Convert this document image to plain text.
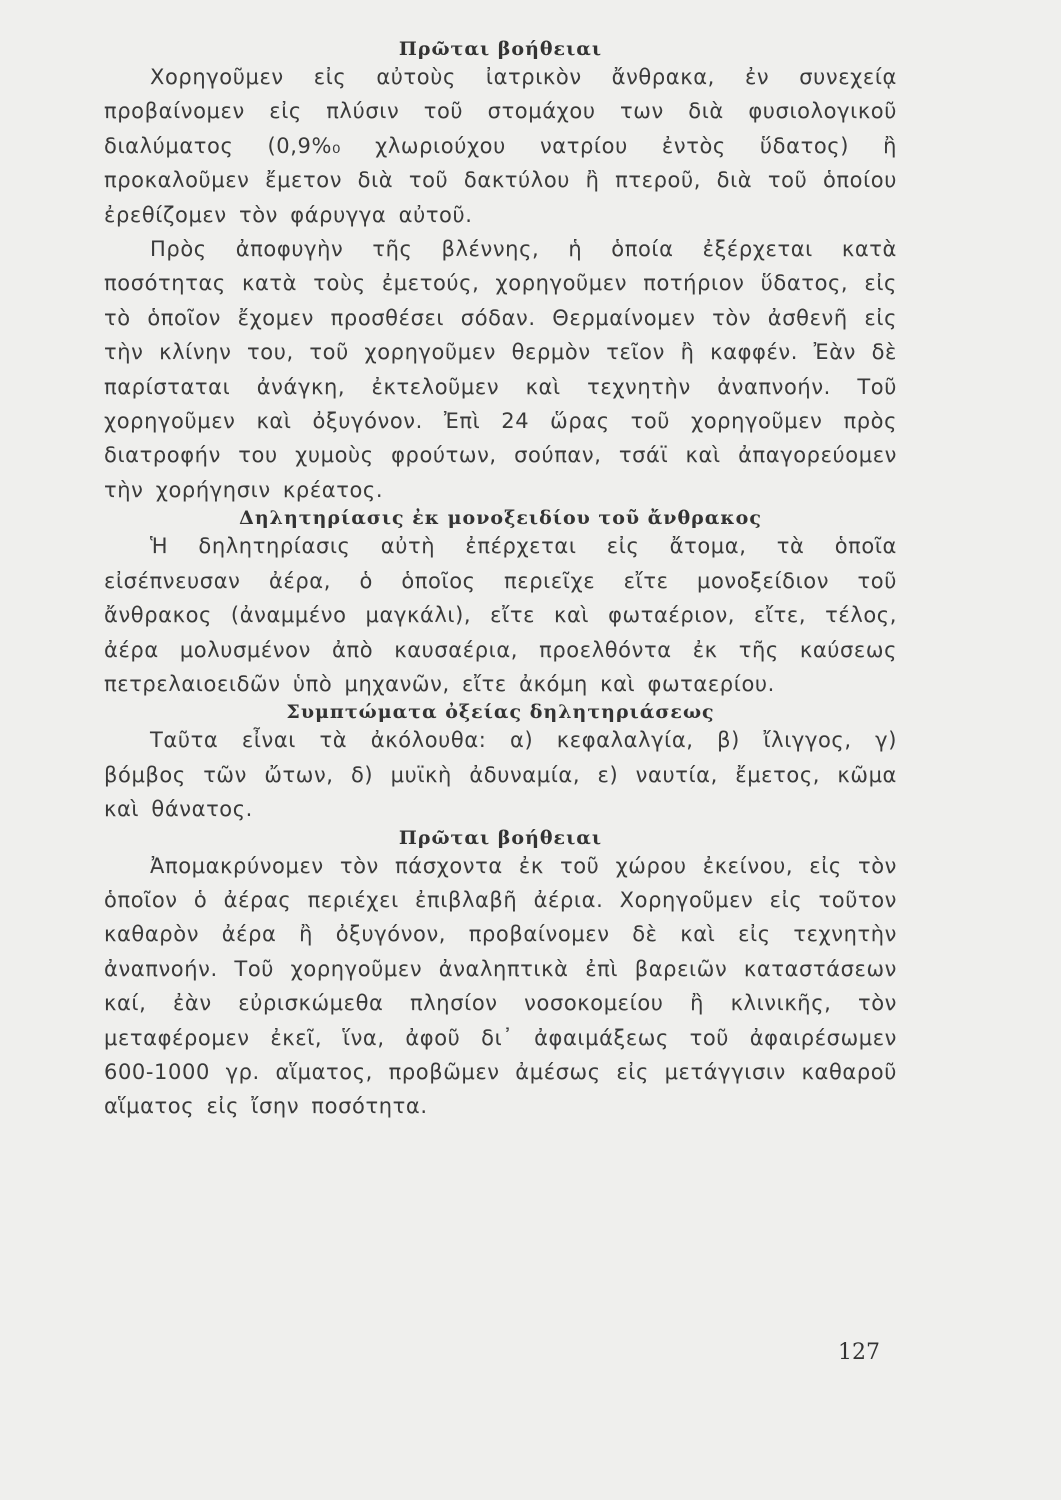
Πρῶται βοήθειαι

Χορηγοῦμεν εἰς αὐτοὺς ἰατρικὸν ἄνθρακα, ἐν συνεχείᾳ προβαίνομεν εἰς πλύσιν τοῦ στομάχου των διὰ φυσιολογικοῦ διαλύματος (0,9%₀ χλωριούχου νατρίου ἐντὸς ὕδατος) ἢ προκαλοῦμεν ἔμετον διὰ τοῦ δακτύλου ἢ πτεροῦ, διὰ τοῦ ὁποίου ἐρεθίζομεν τὸν φάρυγγα αὐτοῦ.

Πρὸς ἀποφυγὴν τῆς βλέννης, ἡ ὁποία ἐξέρχεται κατὰ ποσότητας κατὰ τοὺς ἐμετούς, χορηγοῦμεν ποτήριον ὕδατος, εἰς τὸ ὁποῖον ἔχομεν προσθέσει σόδαν. Θερμαίνομεν τὸν ἀσθενῆ εἰς τὴν κλίνην του, τοῦ χορηγοῦμεν θερμὸν τεῖον ἢ καφφέν. Ἐὰν δὲ παρίσταται ἀνάγκη, ἐκτελοῦμεν καὶ τεχνητὴν ἀναπνοήν. Τοῦ χορηγοῦμεν καὶ ὀξυγόνον. Ἐπὶ 24 ὥρας τοῦ χορηγοῦμεν πρὸς διατροφήν του χυμοὺς φρούτων, σούπαν, τσάϊ καὶ ἀπαγορεύομεν τὴν χορήγησιν κρέατος.

Δηλητηρίασις ἐκ μονοξειδίου τοῦ ἄνθρακος

Ἡ δηλητηρίασις αὐτὴ ἐπέρχεται εἰς ἄτομα, τὰ ὁποῖα εἰσέπνευσαν ἀέρα, ὁ ὁποῖος περιεῖχε εἴτε μονοξείδιον τοῦ ἄνθρακος (ἀναμμένο μαγκάλι), εἴτε καὶ φωταέριον, εἴτε, τέλος, ἀέρα μολυσμένον ἀπὸ καυσαέρια, προελθόντα ἐκ τῆς καύσεως πετρελαιοειδῶν ὑπὸ μηχανῶν, εἴτε ἀκόμη καὶ φωταερίου.

Συμπτώματα ὀξείας δηλητηριάσεως

Ταῦτα εἶναι τὰ ἀκόλουθα: α) κεφαλαλγία, β) ἴλιγγος, γ) βόμβος τῶν ὤτων, δ) μυϊκὴ ἀδυναμία, ε) ναυτία, ἔμετος, κῶμα καὶ θάνατος.

Πρῶται βοήθειαι

Ἀπομακρύνομεν τὸν πάσχοντα ἐκ τοῦ χώρου ἐκείνου, εἰς τὸν ὁποῖον ὁ ἀέρας περιέχει ἐπιβλαβῆ ἀέρια. Χορηγοῦμεν εἰς τοῦτον καθαρὸν ἀέρα ἢ ὀξυγόνον, προβαίνομεν δὲ καὶ εἰς τεχνητὴν ἀναπνοήν. Τοῦ χορηγοῦμεν ἀναληπτικὰ ἐπὶ βαρειῶν καταστάσεων καί, ἐὰν εὐρισκώμεθα πλησίον νοσοκομείου ἢ κλινικῆς, τὸν μεταφέρομεν ἐκεῖ, ἵνα, ἀφοῦ δι᾽ ἀφαιμάξεως τοῦ ἀφαιρέσωμεν 600-1000 γρ. αἵματος, προβῶμεν ἀμέσως εἰς μετάγγισιν καθαροῦ αἵματος εἰς ἴσην ποσότητα.

127
